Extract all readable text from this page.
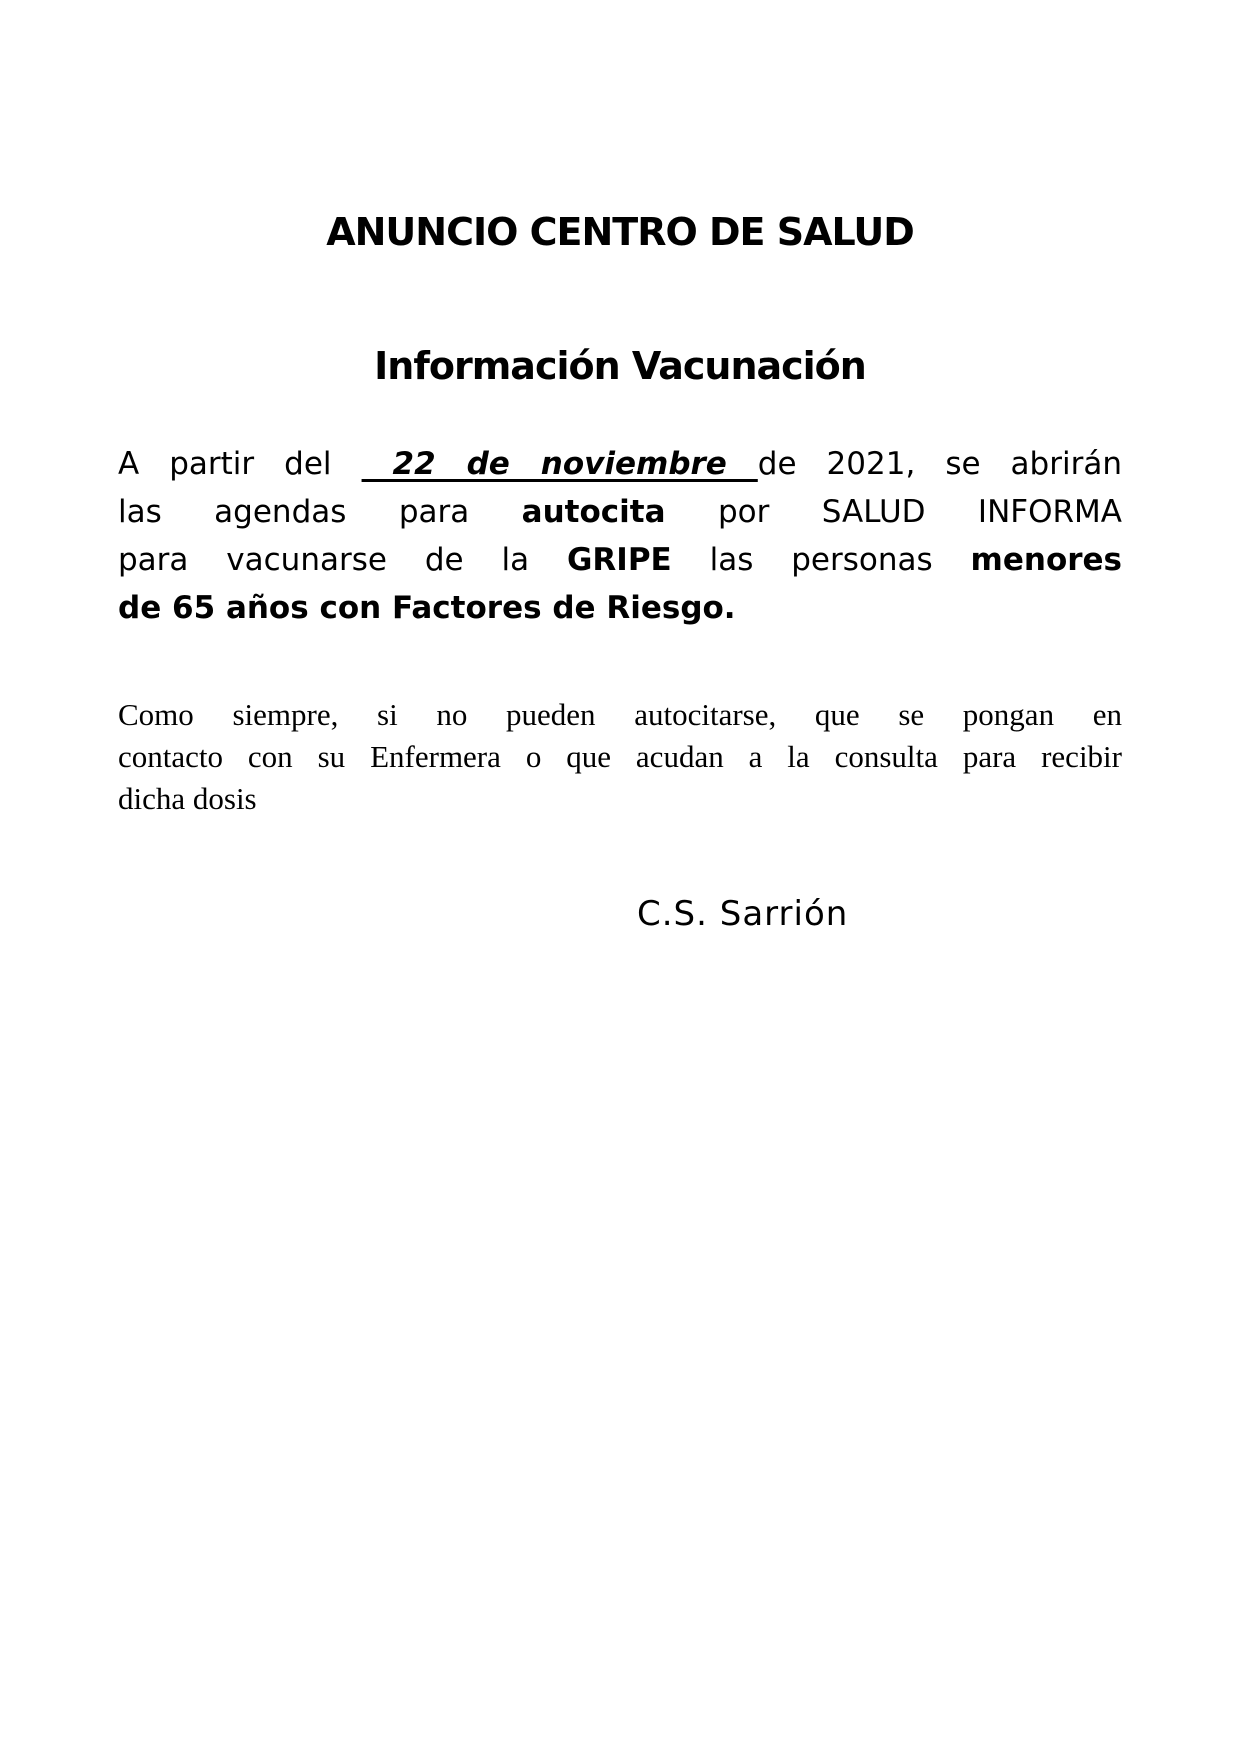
ANUNCIO CENTRO DE SALUD
Información Vacunación
A partir del  22 de noviembre de 2021, se abrirán
las agendas para autocita por SALUD INFORMA
para vacunarse de la GRIPE las personas menores
de 65 años con Factores de Riesgo.
Como siempre, si no pueden autocitarse, que se pongan en
contacto con su Enfermera o que acudan a la consulta para recibir
dicha dosis
C.S. Sarrión
